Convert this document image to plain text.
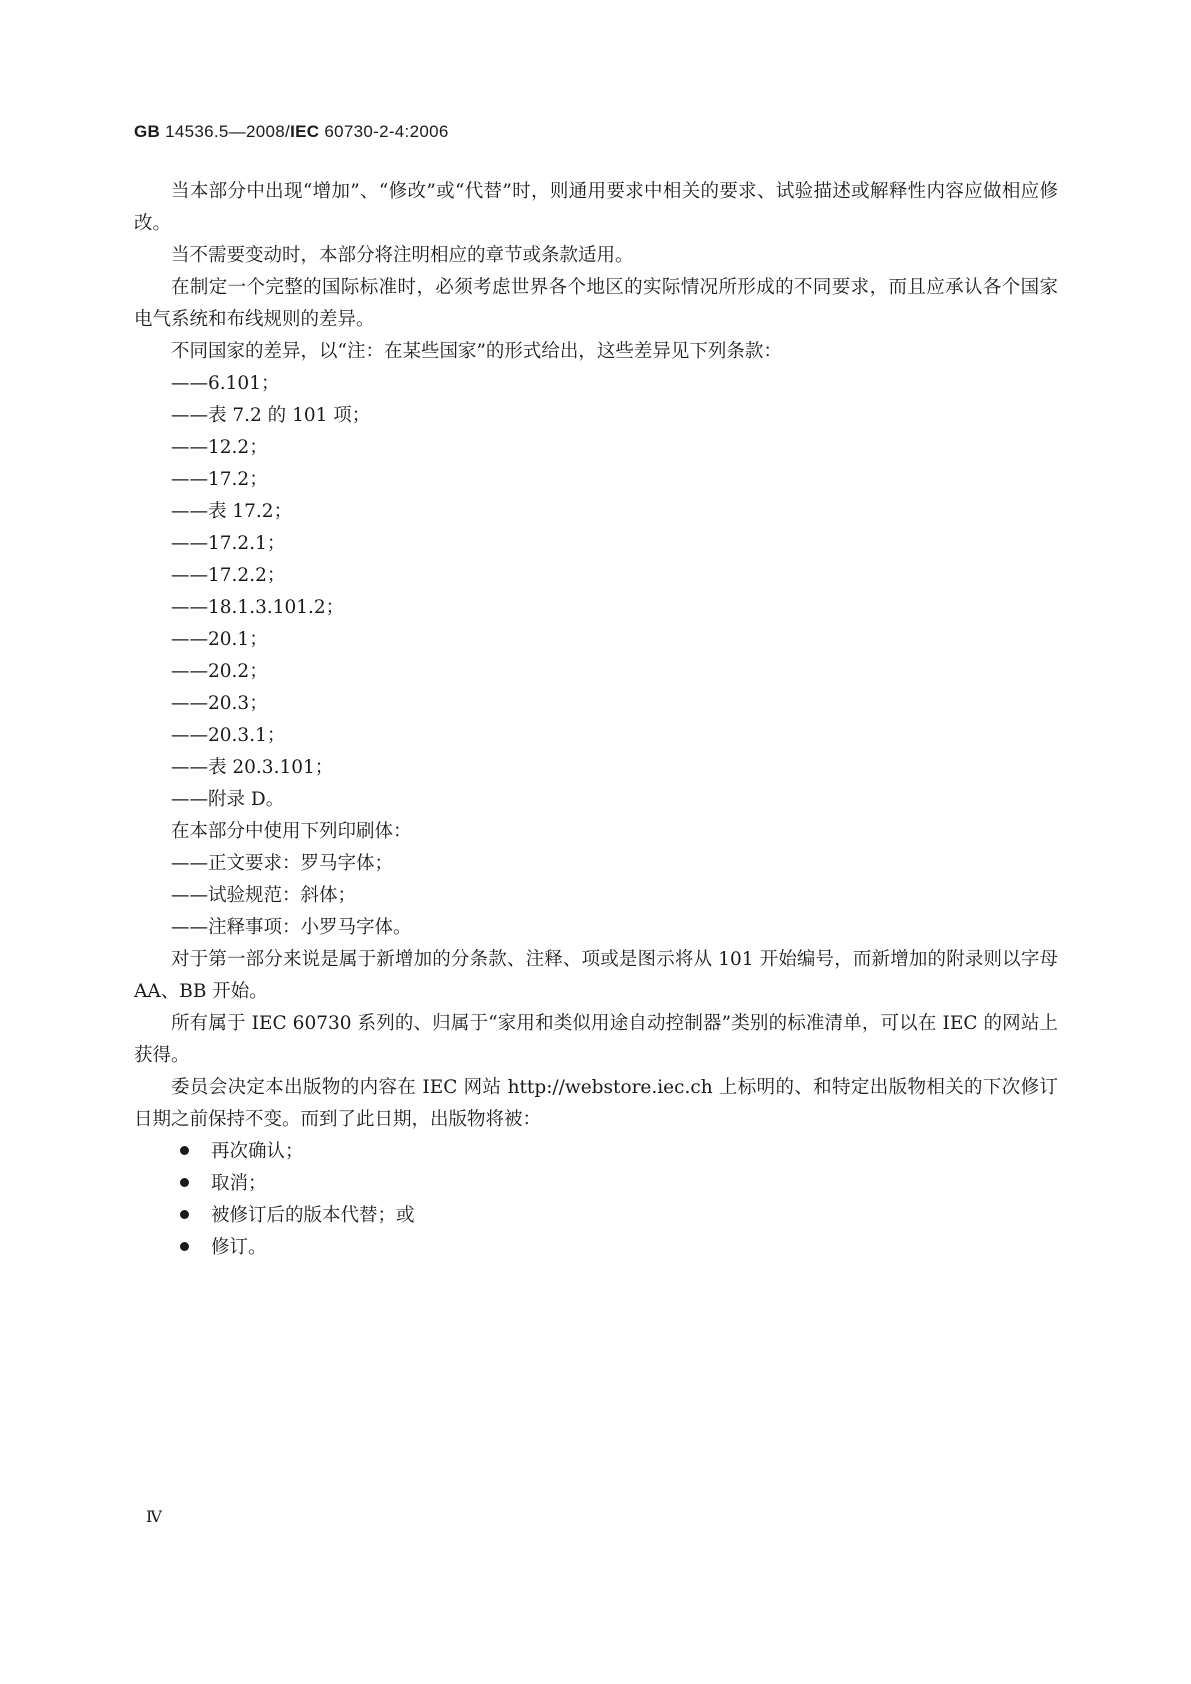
GB 14536.5—2008/IEC 60730-2-4:2006

当本部分中出现“增加”、“修改”或“代替”时，则通用要求中相关的要求、试验描述或解释性内容应做相应修改。

当不需要变动时，本部分将注明相应的章节或条款适用。

在制定一个完整的国际标准时，必须考虑世界各个地区的实际情况所形成的不同要求，而且应承认各个国家电气系统和布线规则的差异。

不同国家的差异，以“注：在某些国家”的形式给出，这些差异见下列条款：

——6.101；

——表 7.2 的 101 项；

——12.2；

——17.2；

——表 17.2；

——17.2.1；

——17.2.2；

——18.1.3.101.2；

——20.1；

——20.2；

——20.3；

——20.3.1；

——表 20.3.101；

——附录 D。

在本部分中使用下列印刷体：

——正文要求：罗马字体；

——试验规范：斜体；

——注释事项：小罗马字体。

对于第一部分来说是属于新增加的分条款、注释、项或是图示将从 101 开始编号，而新增加的附录则以字母 AA、BB 开始。

所有属于 IEC 60730 系列的、归属于“家用和类似用途自动控制器”类别的标准清单，可以在 IEC 的网站上获得。

委员会决定本出版物的内容在 IEC 网站 http://webstore.iec.ch 上标明的、和特定出版物相关的下次修订日期之前保持不变。而到了此日期，出版物将被：

再次确认；

取消；

被修订后的版本代替；或

修订。

Ⅳ
